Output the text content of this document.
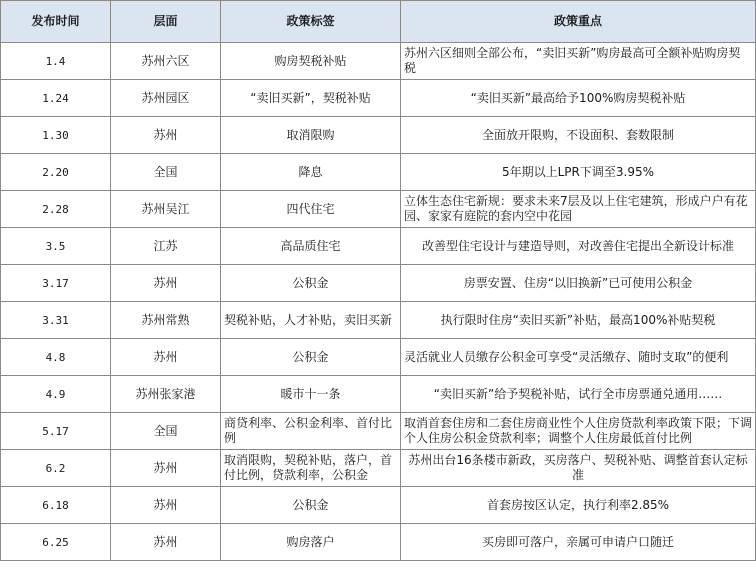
发布时间	层面	政策标签	政策重点
1.4	苏州六区	购房契税补贴	苏州六区细则全部公布，“卖旧买新”购房最高可全额补贴购房契税
1.24	苏州园区	“卖旧买新”，契税补贴	“卖旧买新”最高给予100%购房契税补贴
1.30	苏州	取消限购	全面放开限购，不设面积、套数限制
2.20	全国	降息	5年期以上LPR下调至3.95%
2.28	苏州吴江	四代住宅	立体生态住宅新规：要求未来7层及以上住宅建筑，形成户户有花园、家家有庭院的套内空中花园
3.5	江苏	高品质住宅	改善型住宅设计与建造导则，对改善住宅提出全新设计标准
3.17	苏州	公积金	房票安置、住房“以旧换新”已可使用公积金
3.31	苏州常熟	契税补贴，人才补贴，卖旧买新	执行限时住房“卖旧买新”补贴，最高100%补贴契税
4.8	苏州	公积金	灵活就业人员缴存公积金可享受“灵活缴存、随时支取”的便利
4.9	苏州张家港	暖市十一条	“卖旧买新”给予契税补贴，试行全市房票通兑通用……
5.17	全国	商贷利率、公积金利率、首付比例	取消首套住房和二套住房商业性个人住房贷款利率政策下限；下调个人住房公积金贷款利率；调整个人住房最低首付比例
6.2	苏州	取消限购，契税补贴，落户，首付比例，贷款利率，公积金	苏州出台16条楼市新政，买房落户、契税补贴、调整首套认定标准
6.18	苏州	公积金	首套房按区认定，执行利率2.85%
6.25	苏州	购房落户	买房即可落户，亲属可申请户口随迁
